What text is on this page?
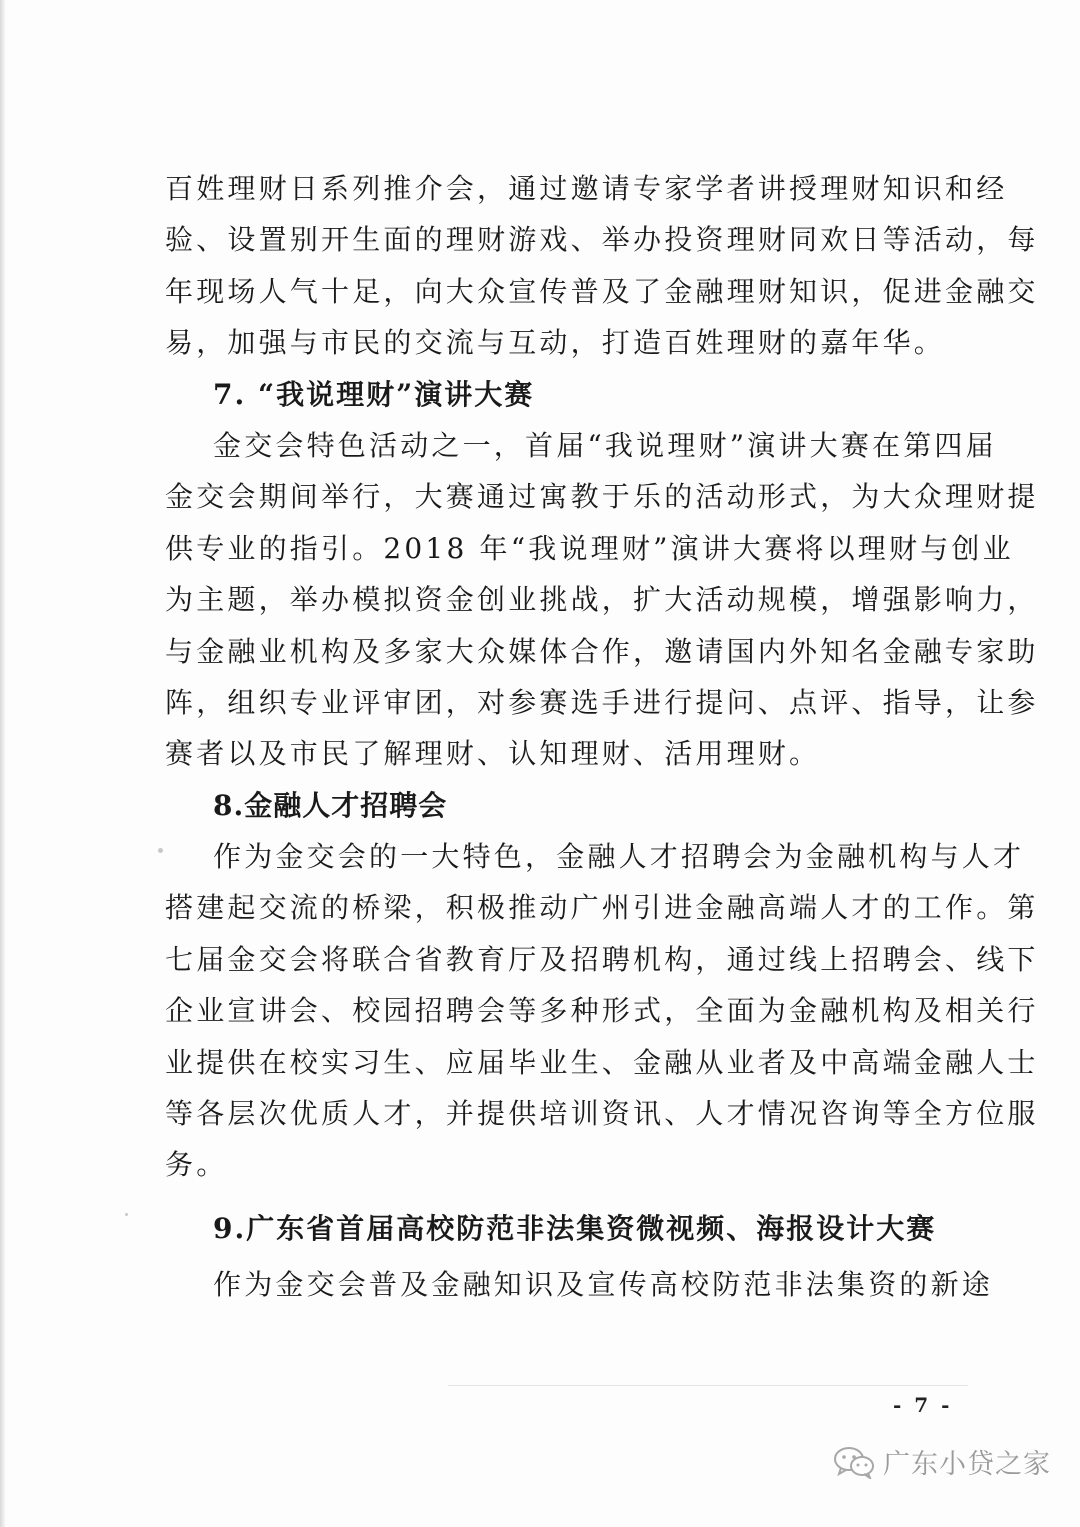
百姓理财日系列推介会，通过邀请专家学者讲授理财知识和经
验、设置别开生面的理财游戏、举办投资理财同欢日等活动，每
年现场人气十足，向大众宣传普及了金融理财知识，促进金融交
易，加强与市民的交流与互动，打造百姓理财的嘉年华。
7. “我说理财”演讲大赛
金交会特色活动之一，首届“我说理财”演讲大赛在第四届
金交会期间举行，大赛通过寓教于乐的活动形式，为大众理财提
供专业的指引。2018 年“我说理财”演讲大赛将以理财与创业
为主题，举办模拟资金创业挑战，扩大活动规模，增强影响力，
与金融业机构及多家大众媒体合作，邀请国内外知名金融专家助
阵，组织专业评审团，对参赛选手进行提问、点评、指导，让参
赛者以及市民了解理财、认知理财、活用理财。
8.金融人才招聘会
作为金交会的一大特色，金融人才招聘会为金融机构与人才
搭建起交流的桥梁，积极推动广州引进金融高端人才的工作。第
七届金交会将联合省教育厅及招聘机构，通过线上招聘会、线下
企业宣讲会、校园招聘会等多种形式，全面为金融机构及相关行
业提供在校实习生、应届毕业生、金融从业者及中高端金融人士
等各层次优质人才，并提供培训资讯、人才情况咨询等全方位服
务。
9.广东省首届高校防范非法集资微视频、海报设计大赛
作为金交会普及金融知识及宣传高校防范非法集资的新途
- 7 -
广东小贷之家
